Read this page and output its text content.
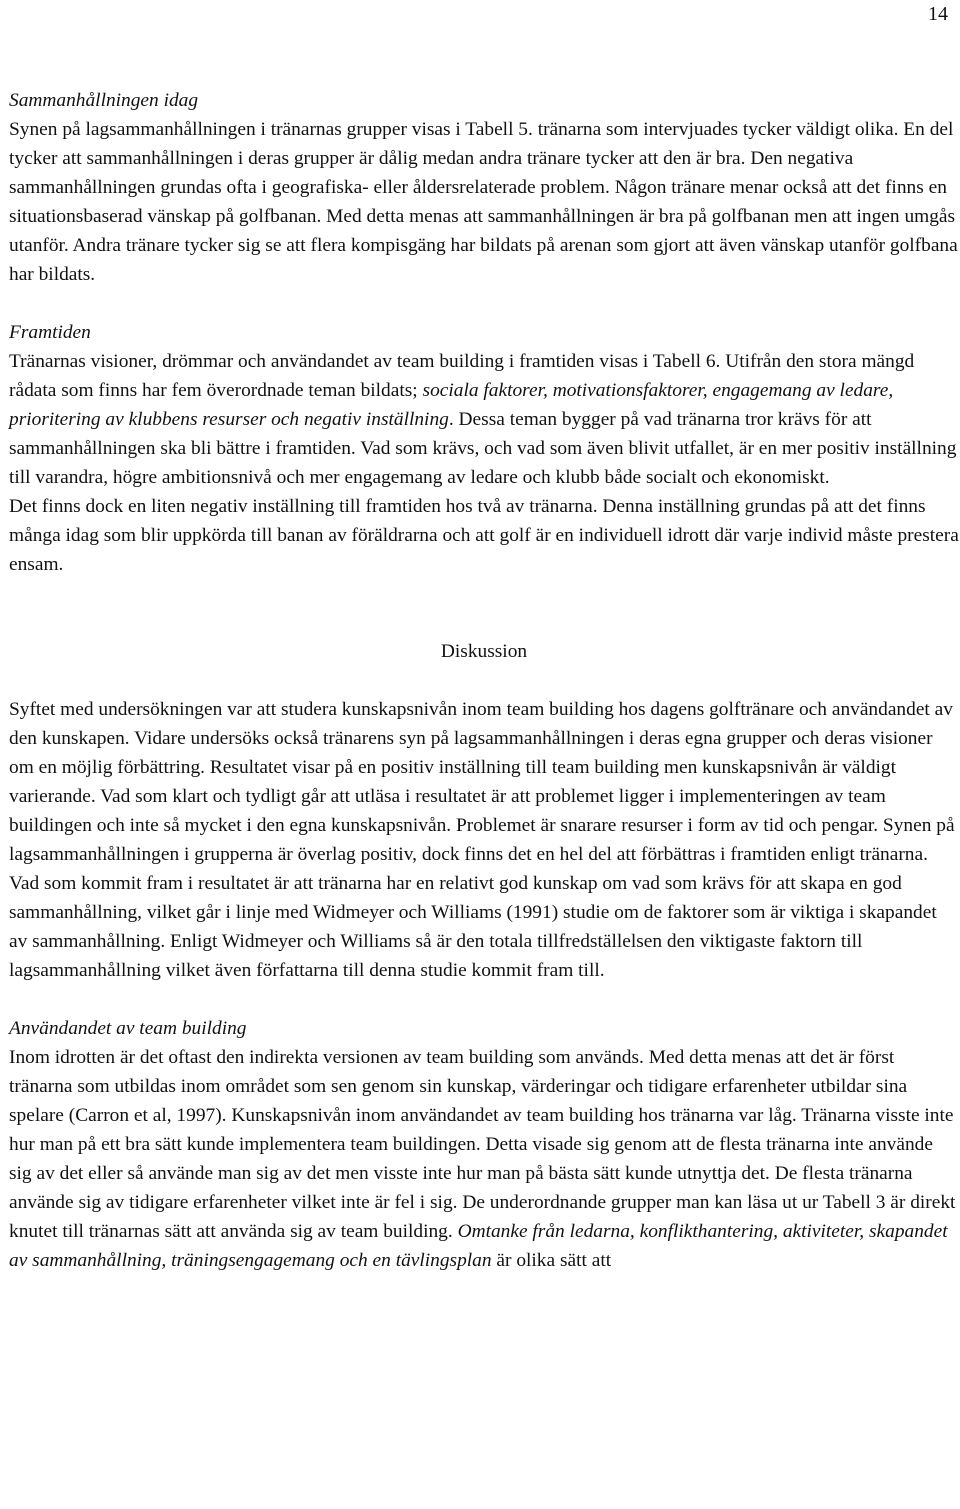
14

Sammanhållningen idag

Synen på lagsammanhållningen i tränarnas grupper visas i Tabell 5. tränarna som intervjuades tycker väldigt olika. En del tycker att sammanhållningen i deras grupper är dålig medan andra tränare tycker att den är bra. Den negativa sammanhållningen grundas ofta i geografiska- eller åldersrelaterade problem. Någon tränare menar också att det finns en situationsbaserad vänskap på golfbanan. Med detta menas att sammanhållningen är bra på golfbanan men att ingen umgås utanför. Andra tränare tycker sig se att flera kompisgäng har bildats på arenan som gjort att även vänskap utanför golfbana har bildats.

Framtiden

Tränarnas visioner, drömmar och användandet av team building i framtiden visas i Tabell 6. Utifrån den stora mängd rådata som finns har fem överordnade teman bildats; sociala faktorer, motivationsfaktorer, engagemang av ledare, prioritering av klubbens resurser och negativ inställning. Dessa teman bygger på vad tränarna tror krävs för att sammanhållningen ska bli bättre i framtiden. Vad som krävs, och vad som även blivit utfallet, är en mer positiv inställning till varandra, högre ambitionsnivå och mer engagemang av ledare och klubb både socialt och ekonomiskt.

Det finns dock en liten negativ inställning till framtiden hos två av tränarna. Denna inställning grundas på att det finns många idag som blir uppkörda till banan av föräldrarna och att golf är en individuell idrott där varje individ måste prestera ensam.

Diskussion

Syftet med undersökningen var att studera kunskapsnivån inom team building hos dagens golftränare och användandet av den kunskapen. Vidare undersöks också tränarens syn på lagsammanhållningen i deras egna grupper och deras visioner om en möjlig förbättring. Resultatet visar på en positiv inställning till team building men kunskapsnivån är väldigt varierande. Vad som klart och tydligt går att utläsa i resultatet är att problemet ligger i implementeringen av team buildingen och inte så mycket i den egna kunskapsnivån. Problemet är snarare resurser i form av tid och pengar. Synen på lagsammanhållningen i grupperna är överlag positiv, dock finns det en hel del att förbättras i framtiden enligt tränarna. Vad som kommit fram i resultatet är att tränarna har en relativt god kunskap om vad som krävs för att skapa en god sammanhållning, vilket går i linje med Widmeyer och Williams (1991) studie om de faktorer som är viktiga i skapandet av sammanhållning. Enligt Widmeyer och Williams så är den totala tillfredställelsen den viktigaste faktorn till lagsammanhållning vilket även författarna till denna studie kommit fram till.

Användandet av team building

Inom idrotten är det oftast den indirekta versionen av team building som används. Med detta menas att det är först tränarna som utbildas inom området som sen genom sin kunskap, värderingar och tidigare erfarenheter utbildar sina spelare (Carron et al, 1997). Kunskapsnivån inom användandet av team building hos tränarna var låg. Tränarna visste inte hur man på ett bra sätt kunde implementera team buildingen. Detta visade sig genom att de flesta tränarna inte använde sig av det eller så använde man sig av det men visste inte hur man på bästa sätt kunde utnyttja det. De flesta tränarna använde sig av tidigare erfarenheter vilket inte är fel i sig. De underordnande grupper man kan läsa ut ur Tabell 3 är direkt knutet till tränarnas sätt att använda sig av team building. Omtanke från ledarna, konflikthantering, aktiviteter, skapandet av sammanhållning, träningsengagemang och en tävlingsplan är olika sätt att
